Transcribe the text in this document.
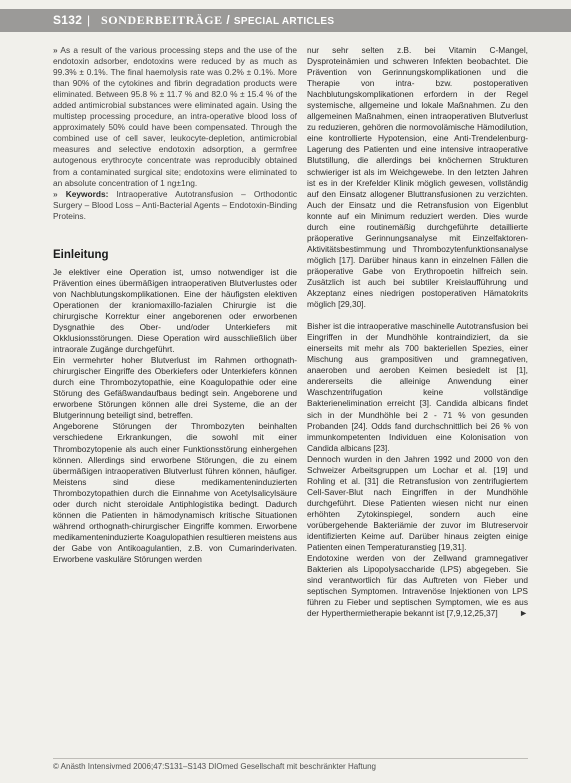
S132 | SONDERBEITRÄGE / SPECIAL ARTICLES

» As a result of the various processing steps and the use of the endotoxin adsorber, endotoxins were reduced by as much as 99.3% ± 0.1%. The final haemolysis rate was 0.2% ± 0.1%. More than 90% of the cytokines and fibrin degradation products were eliminated. Between 95.8 % ± 11.7 % and 82.0 % ± 15.4 % of the added antimicrobial substances were eliminated again. Using the multistep processing procedure, an intra-operative blood loss of approximately 50% could have been compensated. Through the combined use of cell saver, leukocyte-depletion, antimicrobial measures and selective endotoxin adsorption, a germfree autogenous erythrocyte concentrate was reproducibly obtained from a contaminated surgical site; endotoxins were eliminated to an absolute concentration of 1 ng±1ng.

» Keywords: Intraoperative Autotransfusion – Orthodontic Surgery – Blood Loss – Anti-Bacterial Agents – Endotoxin-Binding Proteins.

Einleitung

Je elektiver eine Operation ist, umso notwendiger ist die Prävention eines übermäßigen intraoperativen Blutverlustes oder von Nachblutungskomplikationen. Eine der häufigsten elektiven Operationen der kraniomaxillo-fazialen Chirurgie ist die chirurgische Korrektur einer angeborenen oder erworbenen Dysgnathie des Ober- und/oder Unterkiefers mit Okklusionsstörungen. Diese Operation wird ausschließlich über intraorale Zugänge durchgeführt.

Ein vermehrter hoher Blutverlust im Rahmen orthognath-chirurgischer Eingriffe des Oberkiefers oder Unterkiefers können durch eine Thrombozytopathie, eine Koagulopathie oder eine Störung des Gefäßwandaufbaus bedingt sein. Angeborene und erworbene Störungen können alle drei Systeme, die an der Blutgerinnung beteiligt sind, betreffen.

Angeborene Störungen der Thrombozyten beinhalten verschiedene Erkrankungen, die sowohl mit einer Thrombozytopenie als auch einer Funktionsstörung einhergehen können. Allerdings sind erworbene Störungen, die zu einem übermäßigen intraoperativen Blutverlust führen können, häufiger. Meistens sind diese medikamenteninduzierten Thrombozytopathien durch die Einnahme von Acetylsalicylsäure oder durch nicht steroidale Antiphlogistika bedingt. Dadurch können die Patienten in hämodynamisch kritische Situationen während orthognath-chirurgischer Eingriffe kommen. Erworbene medikamenteninduzierte Koagulopathien resultieren meistens aus der Gabe von Antikoagulantien, z.B. von Cumarinderivaten. Erworbene vaskuläre Störungen werden

nur sehr selten z.B. bei Vitamin C-Mangel, Dysproteinämien und schweren Infekten beobachtet. Die Prävention von Gerinnungskomplikationen und die Therapie von intra- bzw. postoperativen Nachblutungskomplikationen erfordern in der Regel systemische, allgemeine und lokale Maßnahmen. Zu den allgemeinen Maßnahmen, einen intraoperativen Blutverlust zu reduzieren, gehören die normovolämische Hämodilution, eine kontrollierte Hypotension, eine Anti-Trendelenburg-Lagerung des Patienten und eine intensive intraoperative Blutstillung, die allerdings bei knöchernen Strukturen schwieriger ist als im Weichgewebe. In den letzten Jahren ist es in der Krefelder Klinik möglich gewesen, vollständig auf den Einsatz allogener Bluttransfusionen zu verzichten. Auch der Einsatz und die Retransfusion von Eigenblut konnte auf ein Minimum reduziert werden. Dies wurde durch eine routinemäßig durchgeführte detaillierte präoperative Gerinnungsanalyse mit Einzelfaktoren-Aktivitätsbestimmung und Thrombozytenfunktionsanalyse möglich [17]. Darüber hinaus kann in einzelnen Fällen die präoperative Gabe von Erythropoetin hilfreich sein. Zusätzlich ist auch bei subtiler Kreislaufführung und Akzeptanz eines niedrigen postoperativen Hämatokrits möglich [29,30].

Bisher ist die intraoperative maschinelle Autotransfusion bei Eingriffen in der Mundhöhle kontraindiziert, da sie einerseits mit mehr als 700 bakteriellen Spezies, einer Mischung aus grampositiven und gramnegativen, anaeroben und aeroben Keimen besiedelt ist [1], andererseits die alleinige Anwendung einer Waschzentrifugation keine vollständige Bakterienelimination erreicht [3]. Candida albicans findet sich in der Mundhöhle bei 2 - 71 % von gesunden Probanden [24]. Odds fand durchschnittlich bei 26 % von immunkompetenten Individuen eine Kolonisation von Candida albicans [23].

Dennoch wurden in den Jahren 1992 und 2000 von den Schweizer Arbeitsgruppen um Lochar et al. [19] und Rohling et al. [31] die Retransfusion von zentrifugiertem Cell-Saver-Blut nach Eingriffen in der Mundhöhle durchgeführt. Diese Patienten wiesen nicht nur einen erhöhten Zytokinspiegel, sondern auch eine vorübergehende Bakteriämie der zuvor im Blutreservoir identifizierten Keime auf. Darüber hinaus zeigten einige Patienten einen Temperaturanstieg [19,31].

Endotoxine werden von der Zellwand gramnegativer Bakterien als Lipopolysaccharide (LPS) abgegeben. Sie sind verantwortlich für das Auftreten von Fieber und septischen Symptomen. Intravenöse Injektionen von LPS führen zu Fieber und septischen Symptomen, wie es aus der Hyperthermietherapie bekannt ist [7,9,12,25,37] ►

© Anästh Intensivmed 2006;47:S131–S143 DIOmed Gesellschaft mit beschränkter Haftung
